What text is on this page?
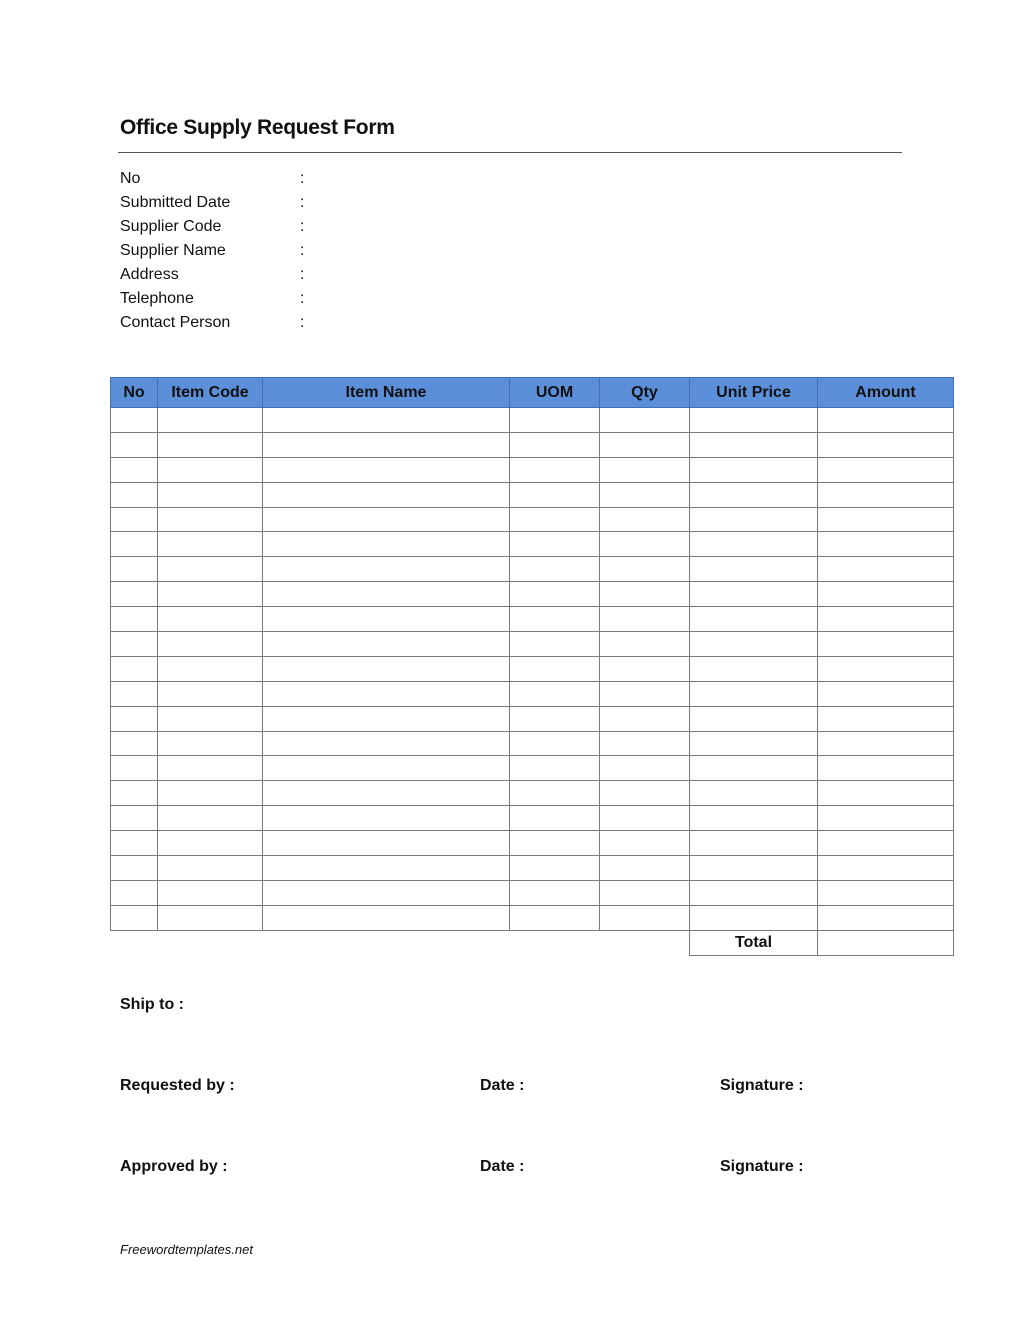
Office Supply Request Form
No	:
Submitted Date	:
Supplier Code	:
Supplier Name	:
Address	:
Telephone	:
Contact Person	:
No	Item Code	Item Name	UOM	Qty	Unit Price	Amount

					Total	
Ship to :
Requested by :	Date :	Signature :
Approved by :	Date :	Signature :
Freewordtemplates.net
